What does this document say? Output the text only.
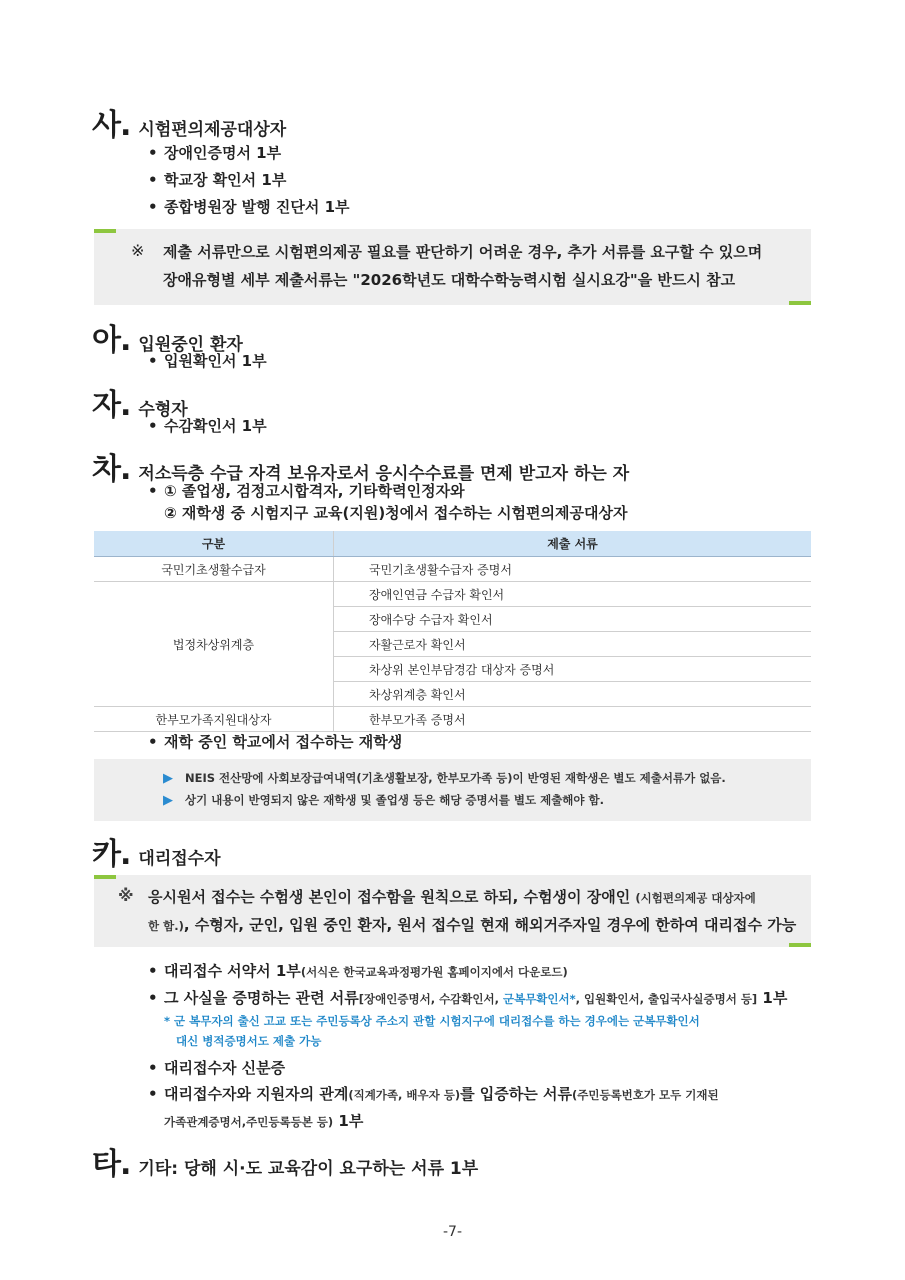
사. 시험편의제공대상자
• 장애인증명서 1부
• 학교장 확인서 1부
• 종합병원장 발행 진단서 1부
※ 제출 서류만으로 시험편의제공 필요를 판단하기 어려운 경우, 추가 서류를 요구할 수 있으며
장애유형별 세부 제출서류는 "2026학년도 대학수학능력시험 실시요강"을 반드시 참고
아. 입원중인 환자
• 입원확인서 1부
자. 수형자
• 수감확인서 1부
차. 저소득층 수급 자격 보유자로서 응시수수료를 면제 받고자 하는 자
• ① 졸업생, 검정고시합격자, 기타학력인정자와
② 재학생 중 시험지구 교육(지원)청에서 접수하는 시험편의제공대상자
구분	제출 서류
국민기초생활수급자	국민기초생활수급자 증명서
법정차상위계층	장애인연금 수급자 확인서
	장애수당 수급자 확인서
	자활근로자 확인서
	차상위 본인부담경감 대상자 증명서
	차상위계층 확인서
한부모가족지원대상자	한부모가족 증명서
• 재학 중인 학교에서 접수하는 재학생
▶ NEIS 전산망에 사회보장급여내역(기초생활보장, 한부모가족 등)이 반영된 재학생은 별도 제출서류가 없음.
▶ 상기 내용이 반영되지 않은 재학생 및 졸업생 등은 해당 증명서를 별도 제출해야 함.
카. 대리접수자
※ 응시원서 접수는 수험생 본인이 접수함을 원칙으로 하되, 수험생이 장애인 (시험편의제공 대상자에
한 함.), 수형자, 군인, 입원 중인 환자, 원서 접수일 현재 해외거주자일 경우에 한하여 대리접수 가능
• 대리접수 서약서 1부(서식은 한국교육과정평가원 홈페이지에서 다운로드)
• 그 사실을 증명하는 관련 서류[장애인증명서, 수감확인서, 군복무확인서*, 입원확인서, 출입국사실증명서 등] 1부
* 군 복무자의 출신 고교 또는 주민등록상 주소지 관할 시험지구에 대리접수를 하는 경우에는 군복무확인서
대신 병적증명서도 제출 가능
• 대리접수자 신분증
• 대리접수자와 지원자의 관계(직계가족, 배우자 등)를 입증하는 서류(주민등록번호가 모두 기재된
가족관계증명서,주민등록등본 등) 1부
타. 기타: 당해 시·도 교육감이 요구하는 서류 1부
-7-
